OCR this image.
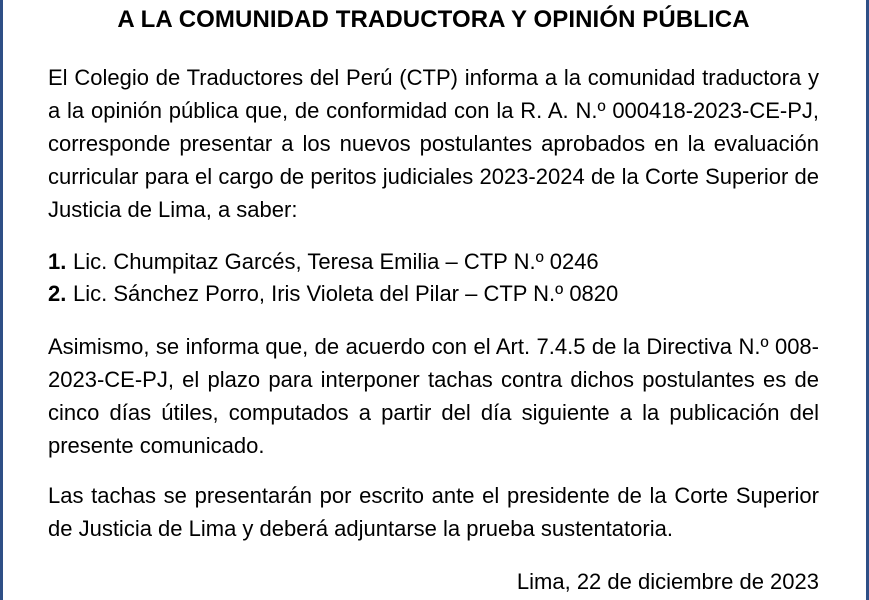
A LA COMUNIDAD TRADUCTORA Y OPINIÓN PÚBLICA
El Colegio de Traductores del Perú (CTP) informa a la comunidad traductora y a la opinión pública que, de conformidad con la R. A. N.º 000418-2023-CE-PJ, corresponde presentar a los nuevos postulantes aprobados en la evaluación curricular para el cargo de peritos judiciales 2023-2024 de la Corte Superior de Justicia de Lima, a saber:
1. Lic. Chumpitaz Garcés, Teresa Emilia – CTP N.º 0246
2. Lic. Sánchez Porro, Iris Violeta del Pilar – CTP N.º 0820
Asimismo, se informa que, de acuerdo con el Art. 7.4.5 de la Directiva N.º 008-2023-CE-PJ, el plazo para interponer tachas contra dichos postulantes es de cinco días útiles, computados a partir del día siguiente a la publicación del presente comunicado.
Las tachas se presentarán por escrito ante el presidente de la Corte Superior de Justicia de Lima y deberá adjuntarse la prueba sustentatoria.
Lima, 22 de diciembre de 2023
